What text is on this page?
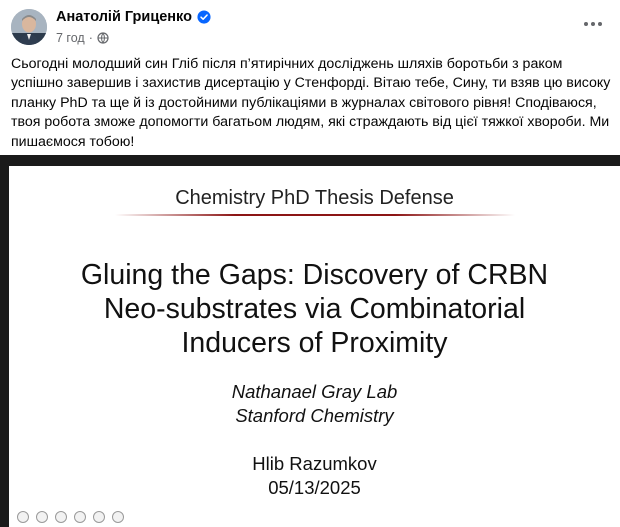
Анатолій Гриценко
7 год ·

Сьогодні молодший син Гліб після п’ятирічних досліджень шляхів боротьби з раком успішно завершив і захистив дисертацію у Стенфорді. Вітаю тебе, Сину, ти взяв цю високу планку PhD та ще й із достойними публікаціями в журналах світового рівня! Сподіваюся, твоя робота зможе допомогти багатьом людям, які страждають від цієї тяжкої хвороби. Ми пишаємося тобою!

Chemistry PhD Thesis Defense
Gluing the Gaps: Discovery of CRBN
Neo-substrates via Combinatorial
Inducers of Proximity
Nathanael Gray Lab
Stanford Chemistry
Hlib Razumkov
05/13/2025
